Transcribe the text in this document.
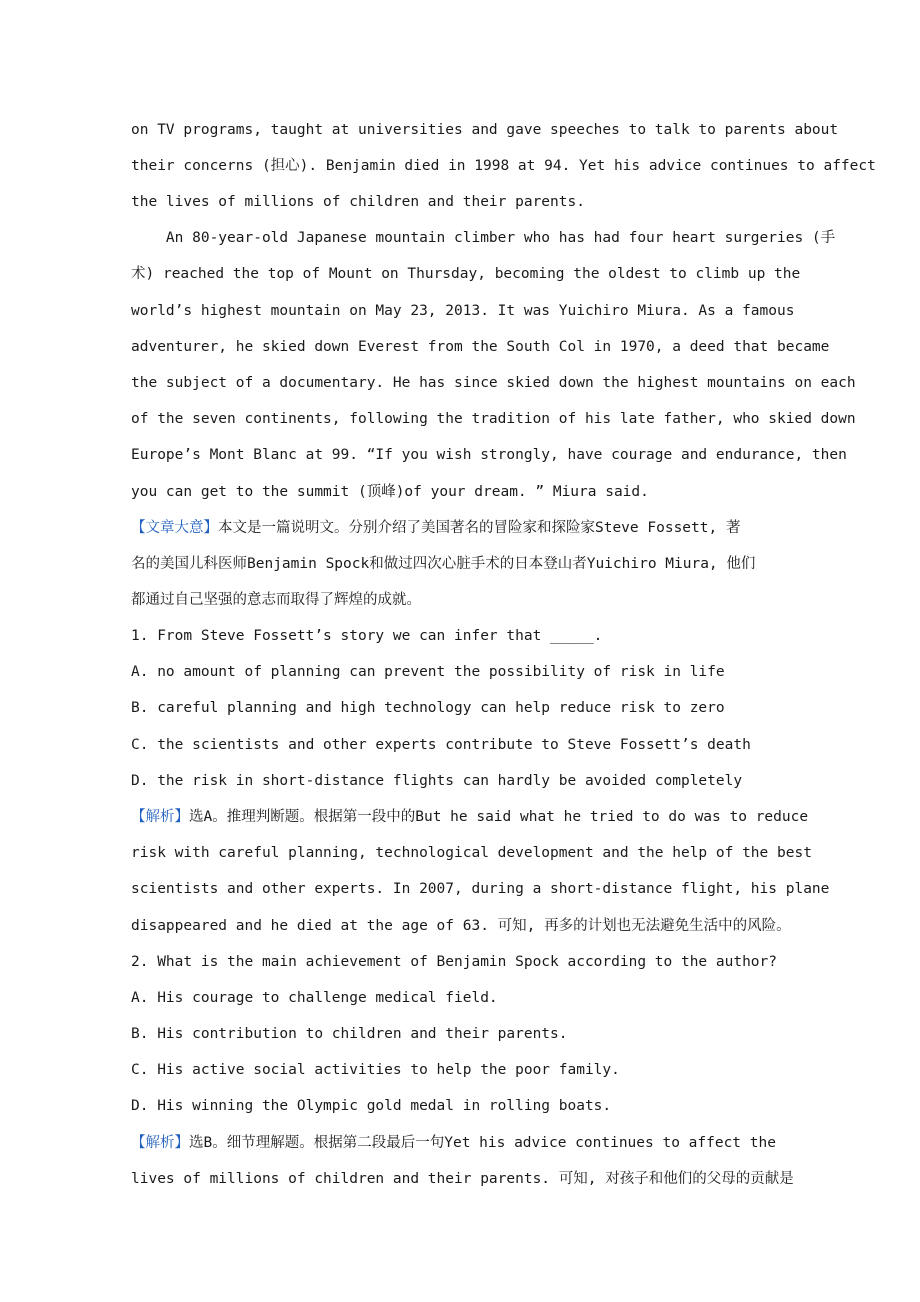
on TV programs, taught at universities and gave speeches to talk to parents about
their concerns (担心). Benjamin died in 1998 at 94. Yet his advice continues to affect
the lives of millions of children and their parents.
An 80-year-old Japanese mountain climber who has had four heart surgeries (手
术) reached the top of Mount on Thursday, becoming the oldest to climb up the
world’s highest mountain on May 23, 2013. It was Yuichiro Miura. As a famous
adventurer, he skied down Everest from the South Col in 1970, a deed that became
the subject of a documentary. He has since skied down the highest mountains on each
of the seven continents, following the tradition of his late father, who skied down
Europe’s Mont Blanc at 99. “If you wish strongly, have courage and endurance, then
you can get to the summit (顶峰)of your dream. ” Miura said.
【文章大意】本文是一篇说明文。分别介绍了美国著名的冒险家和探险家Steve Fossett, 著
名的美国儿科医师Benjamin Spock和做过四次心脏手术的日本登山者Yuichiro Miura, 他们
都通过自己坚强的意志而取得了辉煌的成就。
1. From Steve Fossett’s story we can infer that _____.
A. no amount of planning can prevent the possibility of risk in life
B. careful planning and high technology can help reduce risk to zero
C. the scientists and other experts contribute to Steve Fossett’s death
D. the risk in short-distance flights can hardly be avoided completely
【解析】选A。推理判断题。根据第一段中的But he said what he tried to do was to reduce
risk with careful planning, technological development and the help of the best
scientists and other experts. In 2007, during a short-distance flight, his plane
disappeared and he died at the age of 63. 可知, 再多的计划也无法避免生活中的风险。
2. What is the main achievement of Benjamin Spock according to the author?
A. His courage to challenge medical field.
B. His contribution to children and their parents.
C. His active social activities to help the poor family.
D. His winning the Olympic gold medal in rolling boats.
【解析】选B。细节理解题。根据第二段最后一句Yet his advice continues to affect the
lives of millions of children and their parents. 可知, 对孩子和他们的父母的贡献是
